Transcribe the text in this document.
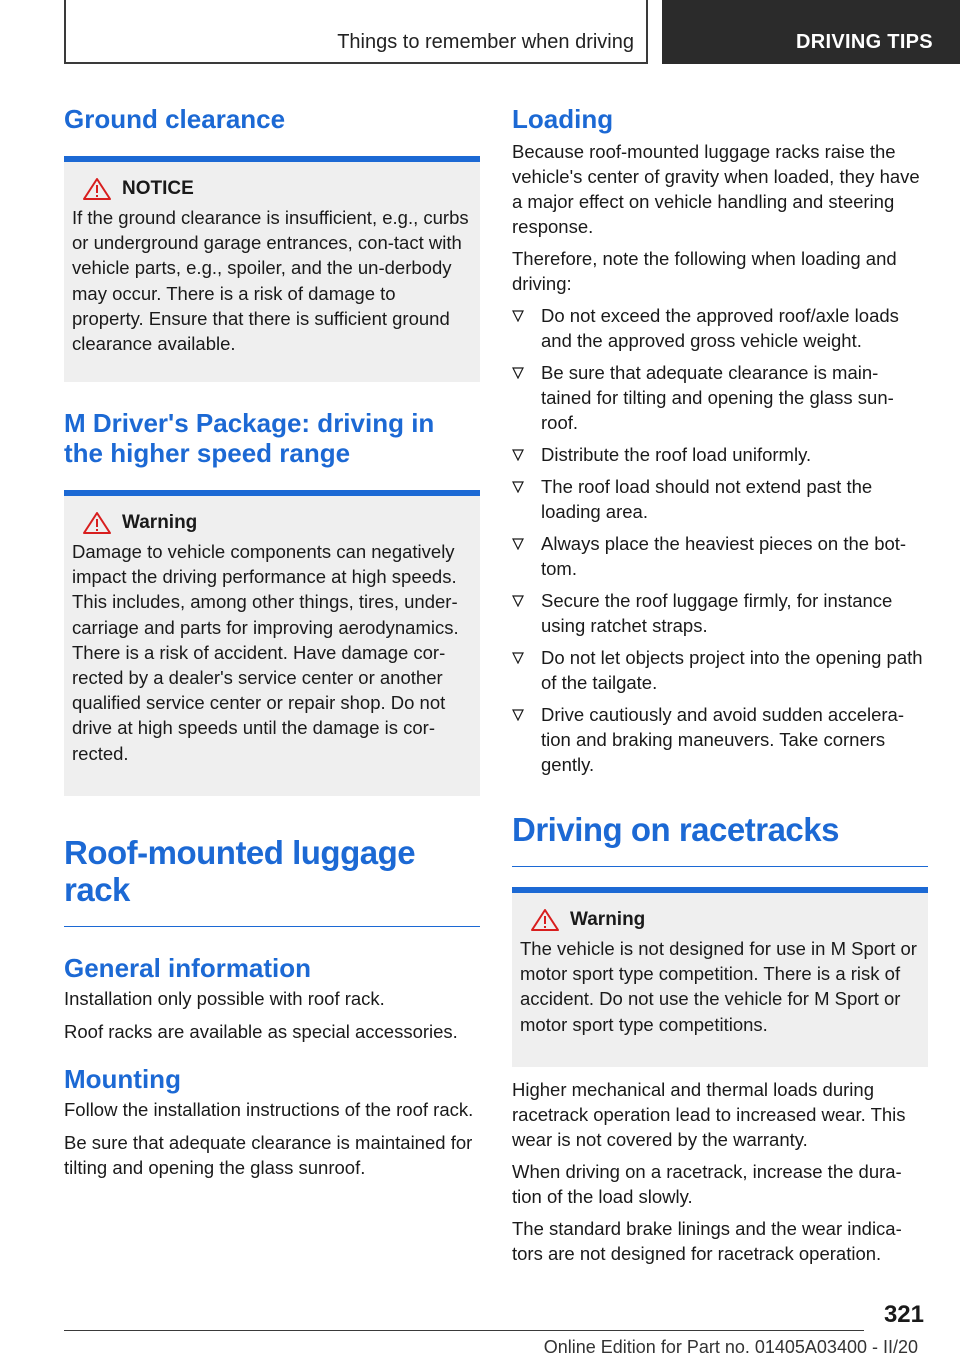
Things to remember when driving	DRIVING TIPS
Ground clearance
NOTICE

If the ground clearance is insufficient, e.g., curbs or underground garage entrances, con-tact with vehicle parts, e.g., spoiler, and the un-derbody may occur. There is a risk of damage to property. Ensure that there is sufficient ground clearance available.

M Driver's Package: driving in the higher speed range
Warning

Damage to vehicle components can negatively impact the driving performance at high speeds. This includes, among other things, tires, under-carriage and parts for improving aerodynamics. There is a risk of accident. Have damage cor-rected by a dealer's service center or another qualified service center or repair shop. Do not drive at high speeds until the damage is cor-rected.

Roof-mounted luggage rack
General information

Installation only possible with roof rack.

Roof racks are available as special accessories.

Mounting

Follow the installation instructions of the roof rack.

Be sure that adequate clearance is maintained for tilting and opening the glass sunroof.

Loading

Because roof-mounted luggage racks raise the vehicle's center of gravity when loaded, they have a major effect on vehicle handling and steering response.

Therefore, note the following when loading and driving:

Do not exceed the approved roof/axle loads and the approved gross vehicle weight.
Be sure that adequate clearance is main-tained for tilting and opening the glass sun-roof.
Distribute the roof load uniformly.
The roof load should not extend past the loading area.
Always place the heaviest pieces on the bot-tom.
Secure the roof luggage firmly, for instance using ratchet straps.
Do not let objects project into the opening path of the tailgate.
Drive cautiously and avoid sudden accelera-tion and braking maneuvers. Take corners gently.
Driving on racetracks
Warning

The vehicle is not designed for use in M Sport or motor sport type competition. There is a risk of accident. Do not use the vehicle for M Sport or motor sport type competitions.

Higher mechanical and thermal loads during racetrack operation lead to increased wear. This wear is not covered by the warranty.

When driving on a racetrack, increase the dura-tion of the load slowly.

The standard brake linings and the wear indica-tors are not designed for racetrack operation.

321
Online Edition for Part no. 01405A03400 - II/20
